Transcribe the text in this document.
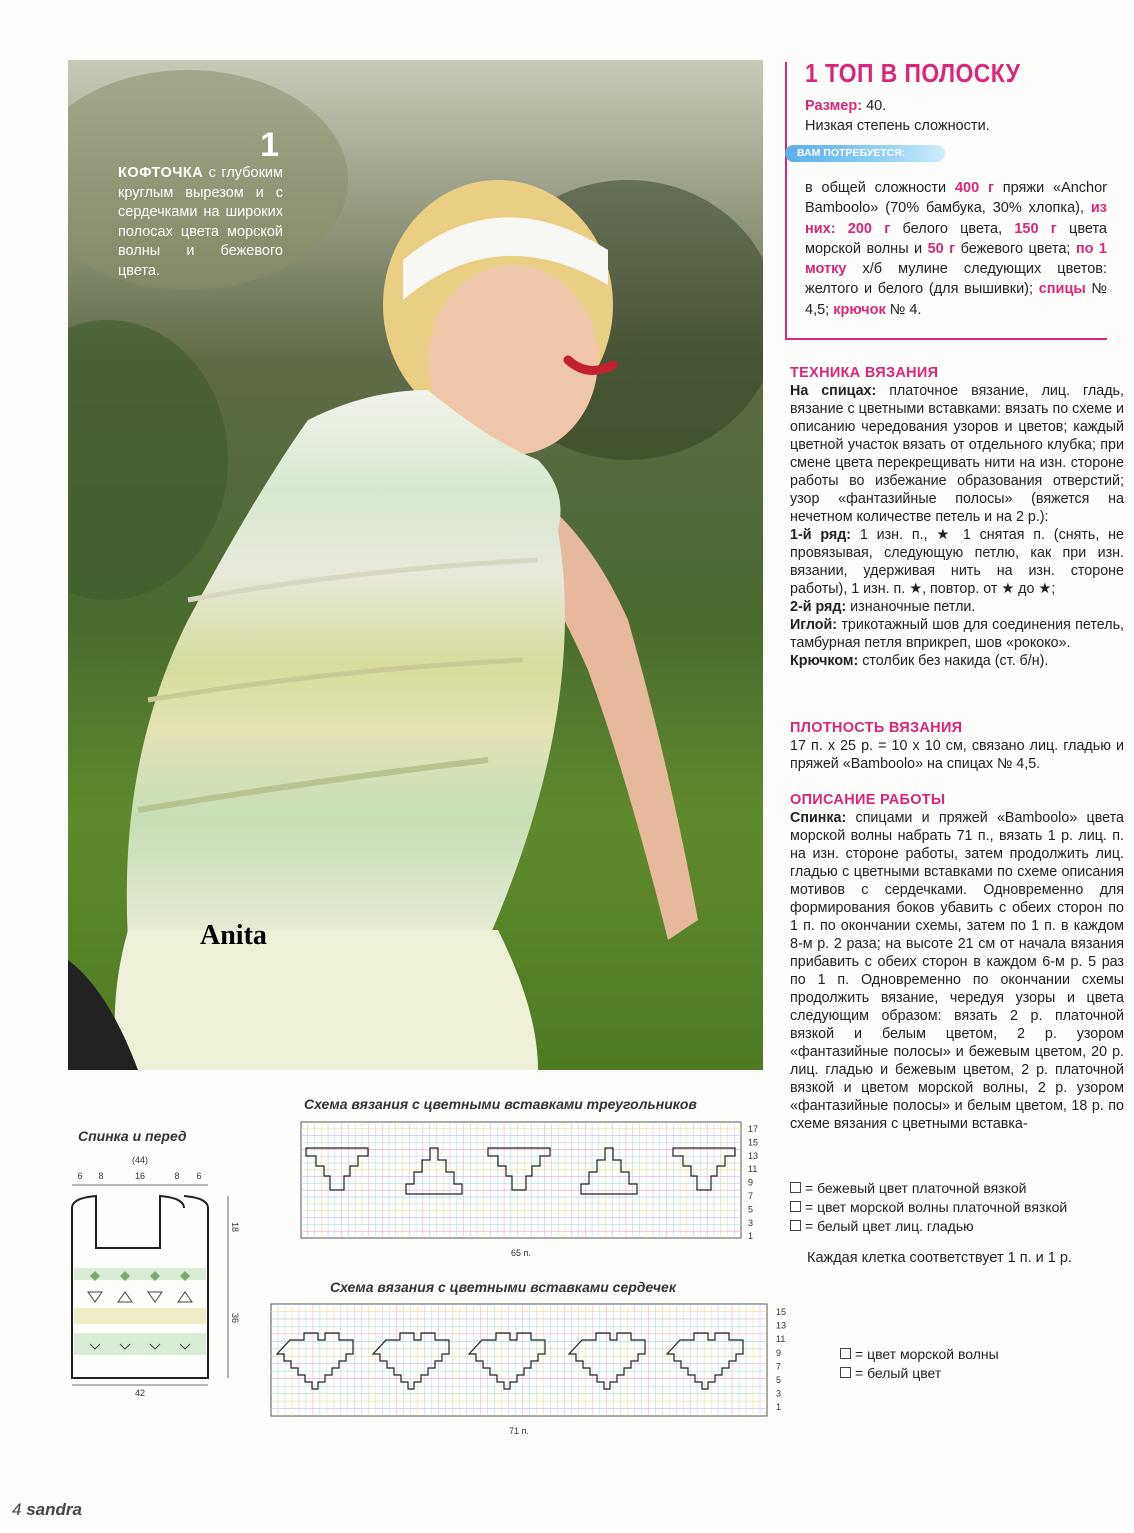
1
КОФТОЧКА с глубоким круглым вырезом и с сердечками на широких полосах цвета морской волны и бежевого цвета.
Anita
1 ТОП В ПОЛОСКУ
Размер: 40.
Низкая степень сложности.
ВАМ ПОТРЕБУЕТСЯ:
в общей сложности 400 г пряжи «Anchor Bamboolo» (70% бамбука, 30% хлопка), из них: 200 г белого цвета, 150 г цвета морской волны и 50 г бежевого цвета; по 1 мотку х/б мулине следующих цветов: желтого и белого (для вышивки); спицы № 4,5; крючок № 4.
ТЕХНИКА ВЯЗАНИЯ
На спицах: платочное вязание, лиц. гладь, вязание с цветными вставками: вязать по схеме и описанию чередования узоров и цветов; каждый цветной участок вязать от отдельного клубка; при смене цвета перекрещивать нити на изн. стороне работы во избежание образования отверстий; узор «фантазийные полосы» (вяжется на нечетном количестве петель и на 2 р.):
1-й ряд: 1 изн. п., ★ 1 снятая п. (снять, не провязывая, следующую петлю, как при изн. вязании, удерживая нить на изн. стороне работы), 1 изн. п. ★, повтор. от ★ до ★;
2-й ряд: изнаночные петли.
Иглой: трикотажный шов для соединения петель, тамбурная петля вприкреп, шов «рококо».
Крючком: столбик без накида (ст. б/н).
ПЛОТНОСТЬ ВЯЗАНИЯ
17 п. х 25 р. = 10 х 10 см, связано лиц. гладью и пряжей «Bamboolo» на спицах № 4,5.
ОПИСАНИЕ РАБОТЫ
Спинка: спицами и пряжей «Bamboolo» цвета морской волны набрать 71 п., вязать 1 р. лиц. п. на изн. стороне работы, затем продолжить лиц. гладью с цветными вставками по схеме описания мотивов с сердечками. Одновременно для формирования боков убавить с обеих сторон по 1 п. по окончании схемы, затем по 1 п. в каждом 8-м р. 2 раза; на высоте 21 см от начала вязания прибавить с обеих сторон в каждом 6-м р. 5 раз по 1 п. Одновременно по окончании схемы продолжить вязание, чередуя узоры и цвета следующим образом: вязать 2 р. платочной вязкой и белым цветом, 2 р. узором «фантазийные полосы» и бежевым цветом, 20 р. лиц. гладью и бежевым цветом, 2 р. платочной вязкой и цветом морской волны, 2 р. узором «фантазийные полосы» и белым цветом, 18 р. по схеме вязания с цветными вставка-
= бежевый цвет платочной вязкой
= цвет морской волны платочной вязкой
= белый цвет лиц. гладью
Каждая клетка соответствует 1 п. и 1 р.
= цвет морской волны
= белый цвет
Спинка и перед
(44)
6 8	16	8 6
18
36
42
Схема вязания с цветными вставками треугольников
17
15
13
11
9
7
5
3
1
65 п.
Схема вязания с цветными вставками сердечек
15
13
11
9
7
5
3
1
71 п.
4 sandra
